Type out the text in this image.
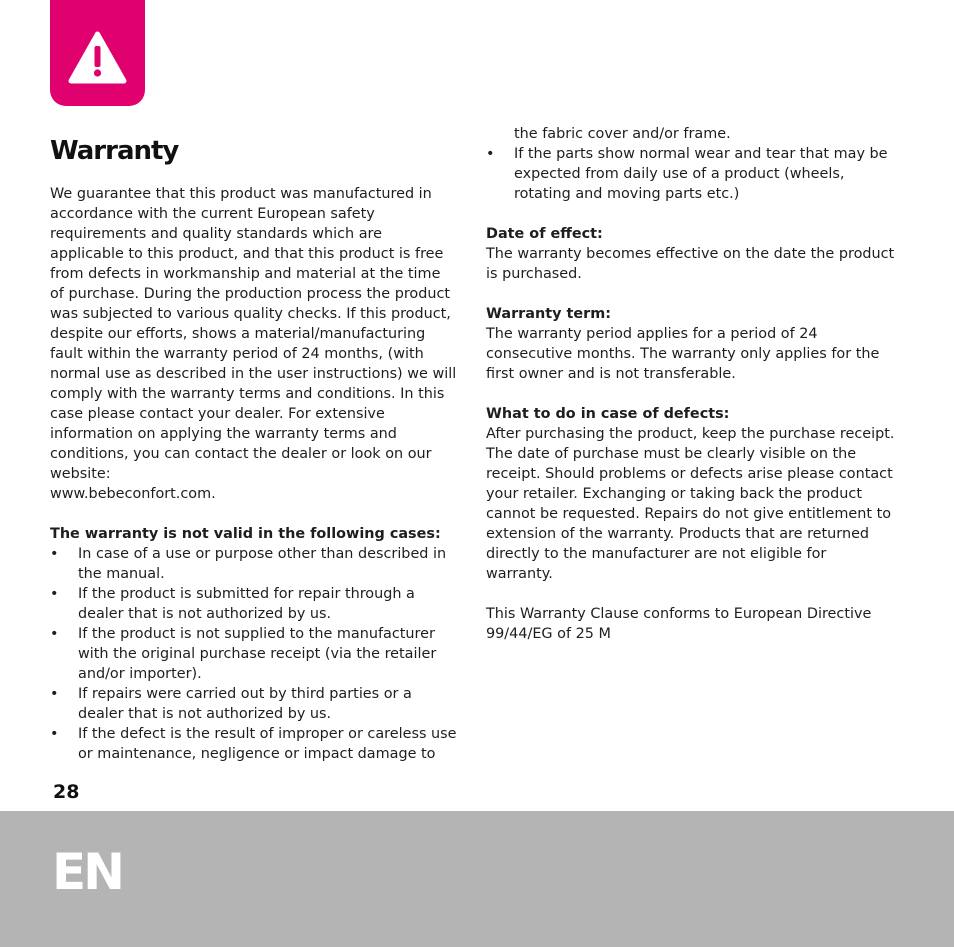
Warranty

We guarantee that this product was manufactured in accordance with the current European safety requirements and quality standards which are applicable to this product, and that this product is free from defects in workmanship and material at the time of purchase. During the production process the product was subjected to various quality checks. If this product, despite our efforts, shows a material/manufacturing fault within the warranty period of 24 months, (with normal use as described in the user instructions) we will comply with the warranty terms and conditions. In this case please contact your dealer. For extensive information on applying the warranty terms and conditions, you can contact the dealer or look on our website:

www.bebeconfort.com.

The warranty is not valid in the following cases:

• In case of a use or purpose other than described in the manual.
• If the product is submitted for repair through a dealer that is not authorized by us.
• If the product is not supplied to the manufacturer with the original purchase receipt (via the retailer and/or importer).
• If repairs were carried out by third parties or a dealer that is not authorized by us.
• If the defect is the result of improper or careless use or maintenance, negligence or impact damage to

the fabric cover and/or frame.

• If the parts show normal wear and tear that may be expected from daily use of a product (wheels, rotating and moving parts etc.)

Date of effect:

The warranty becomes effective on the date the product is purchased.

Warranty term:

The warranty period applies for a period of 24 consecutive months. The warranty only applies for the first owner and is not transferable.

What to do in case of defects:

After purchasing the product, keep the purchase receipt. The date of purchase must be clearly visible on the receipt. Should problems or defects arise please contact your retailer. Exchanging or taking back the product cannot be requested. Repairs do not give entitlement to extension of the warranty. Products that are returned directly to the manufacturer are not eligible for warranty.

This Warranty Clause conforms to European Directive 99/44/EG of 25 M

28
EN
